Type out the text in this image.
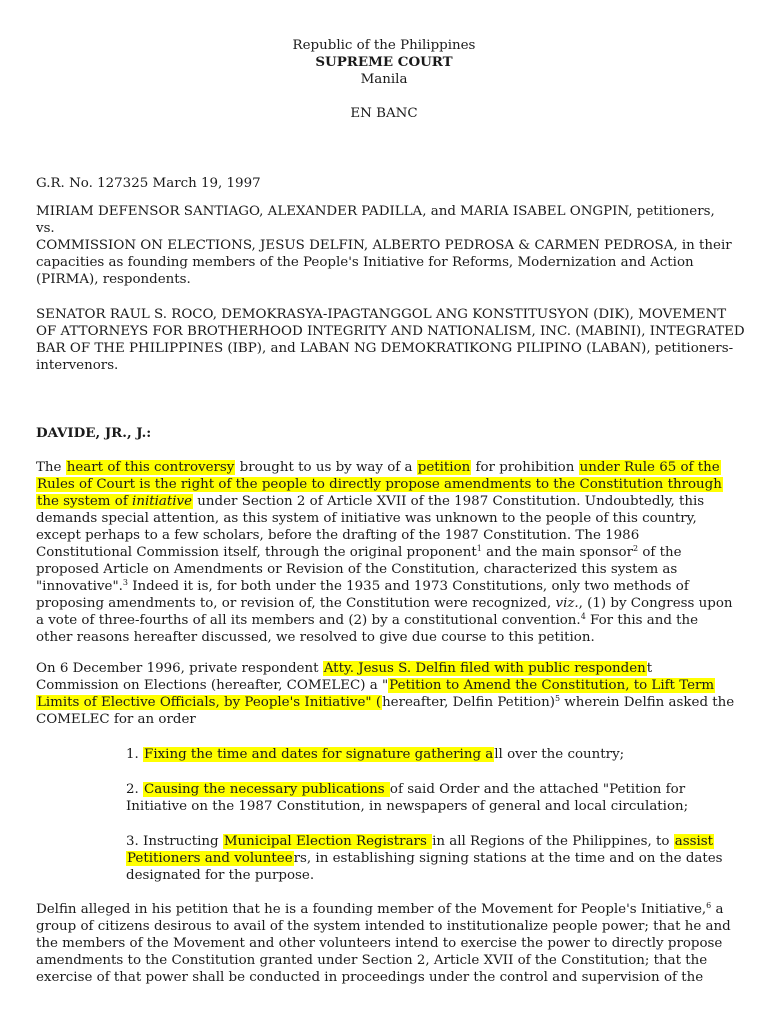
Republic of the Philippines
SUPREME COURT
Manila
EN BANC
G.R. No. 127325 March 19, 1997
MIRIAM DEFENSOR SANTIAGO, ALEXANDER PADILLA, and MARIA ISABEL ONGPIN, petitioners,
vs.
COMMISSION ON ELECTIONS, JESUS DELFIN, ALBERTO PEDROSA & CARMEN PEDROSA, in their
capacities as founding members of the People's Initiative for Reforms, Modernization and Action
(PIRMA), respondents.
SENATOR RAUL S. ROCO, DEMOKRASYA-IPAGTANGGOL ANG KONSTITUSYON (DIK), MOVEMENT
OF ATTORNEYS FOR BROTHERHOOD INTEGRITY AND NATIONALISM, INC. (MABINI), INTEGRATED
BAR OF THE PHILIPPINES (IBP), and LABAN NG DEMOKRATIKONG PILIPINO (LABAN), petitioners-
intervenors.
DAVIDE, JR., J.:
The heart of this controversy brought to us by way of a petition for prohibition under Rule 65 of the
Rules of Court is the right of the people to directly propose amendments to the Constitution through
the system of initiative under Section 2 of Article XVII of the 1987 Constitution. Undoubtedly, this
demands special attention, as this system of initiative was unknown to the people of this country,
except perhaps to a few scholars, before the drafting of the 1987 Constitution. The 1986
Constitutional Commission itself, through the original proponent$^1$ and the main sponsor$^2$ of the
proposed Article on Amendments or Revision of the Constitution, characterized this system as
"innovative".$^3$ Indeed it is, for both under the 1935 and 1973 Constitutions, only two methods of
proposing amendments to, or revision of, the Constitution were recognized, viz., (1) by Congress upon
a vote of three-fourths of all its members and (2) by a constitutional convention.$^4$ For this and the
other reasons hereafter discussed, we resolved to give due course to this petition.
On 6 December 1996, private respondent Atty. Jesus S. Delfin filed with public respondent
Commission on Elections (hereafter, COMELEC) a "Petition to Amend the Constitution, to Lift Term
Limits of Elective Officials, by People's Initiative" (hereafter, Delfin Petition)$^5$ wherein Delfin asked the
COMELEC for an order
1. Fixing the time and dates for signature gathering all over the country;
2. Causing the necessary publications of said Order and the attached "Petition for
Initiative on the 1987 Constitution, in newspapers of general and local circulation;
3. Instructing Municipal Election Registrars in all Regions of the Philippines, to assist
Petitioners and volunteers, in establishing signing stations at the time and on the dates
designated for the purpose.
Delfin alleged in his petition that he is a founding member of the Movement for People's Initiative,$^6$ a
group of citizens desirous to avail of the system intended to institutionalize people power; that he and
the members of the Movement and other volunteers intend to exercise the power to directly propose
amendments to the Constitution granted under Section 2, Article XVII of the Constitution; that the
exercise of that power shall be conducted in proceedings under the control and supervision of the
